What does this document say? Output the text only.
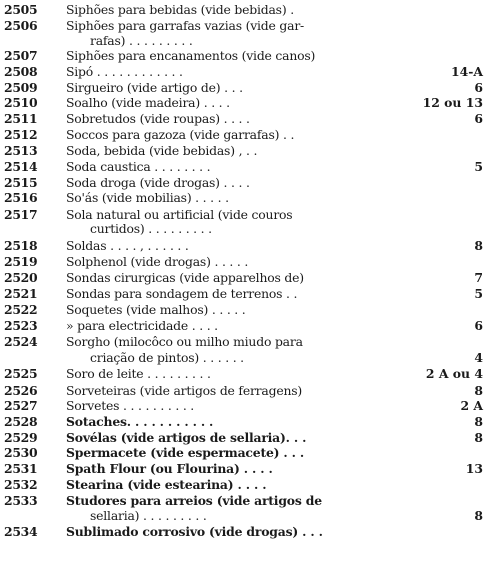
2505	Siphões para bebidas (vide bebidas) .
2506	Siphões para garrafas vazias (vide gar-
rafas) . . . . . . . . .
2507	Siphões para encanamentos (vide canos)
2508	Sipó . . . . . . . . . . . .	14-A
2509	Sirgueiro (vide artigo de) . . .	6
2510	Soalho (vide madeira) . . . .	12 ou 13
2511	Sobretudos (vide roupas) . . . .	6
2512	Soccos para gazoza (vide garrafas) . .
2513	Soda, bebida (vide bebidas) , . .
2514	Soda caustica . . . . . . . .	5
2515	Soda droga (vide drogas) . . . .
2516	So'ás (vide mobilias) . . . . .
2517	Sola natural ou artificial (vide couros
curtidos) . . . . . . . . .
2518	Soldas . . . . , . . . . . .	8
2519	Solphenol (vide drogas) . . . . .
2520	Sondas cirurgicas (vide apparelhos de)	7
2521	Sondas para sondagem de terrenos . .	5
2522	Soquetes (vide malhos) . . . . .
2523	» para electricidade . . . .	6
2524	Sorgho (milocôco ou milho miudo para
criação de pintos) . . . . . .	4
2525	Soro de leite . . . . . . . . .	2 A ou 4
2526	Sorveteiras (vide artigos de ferragens)	8
2527	Sorvetes . . . . . . . . . .	2 A
2528	Sotaches. . . . . . . . . . .	8
2529	Sovélas (vide artigos de sellaria). . .	8
2530	Spermacete (vide espermacete) . . .
2531	Spath Flour (ou Flourina) . . . .	13
2532	Stearina (vide estearina) . . . .
2533	Studores para arreios (vide artigos de
sellaria) . . . . . . . . .	8
2534	Sublimado corrosivo (vide drogas) . . .
